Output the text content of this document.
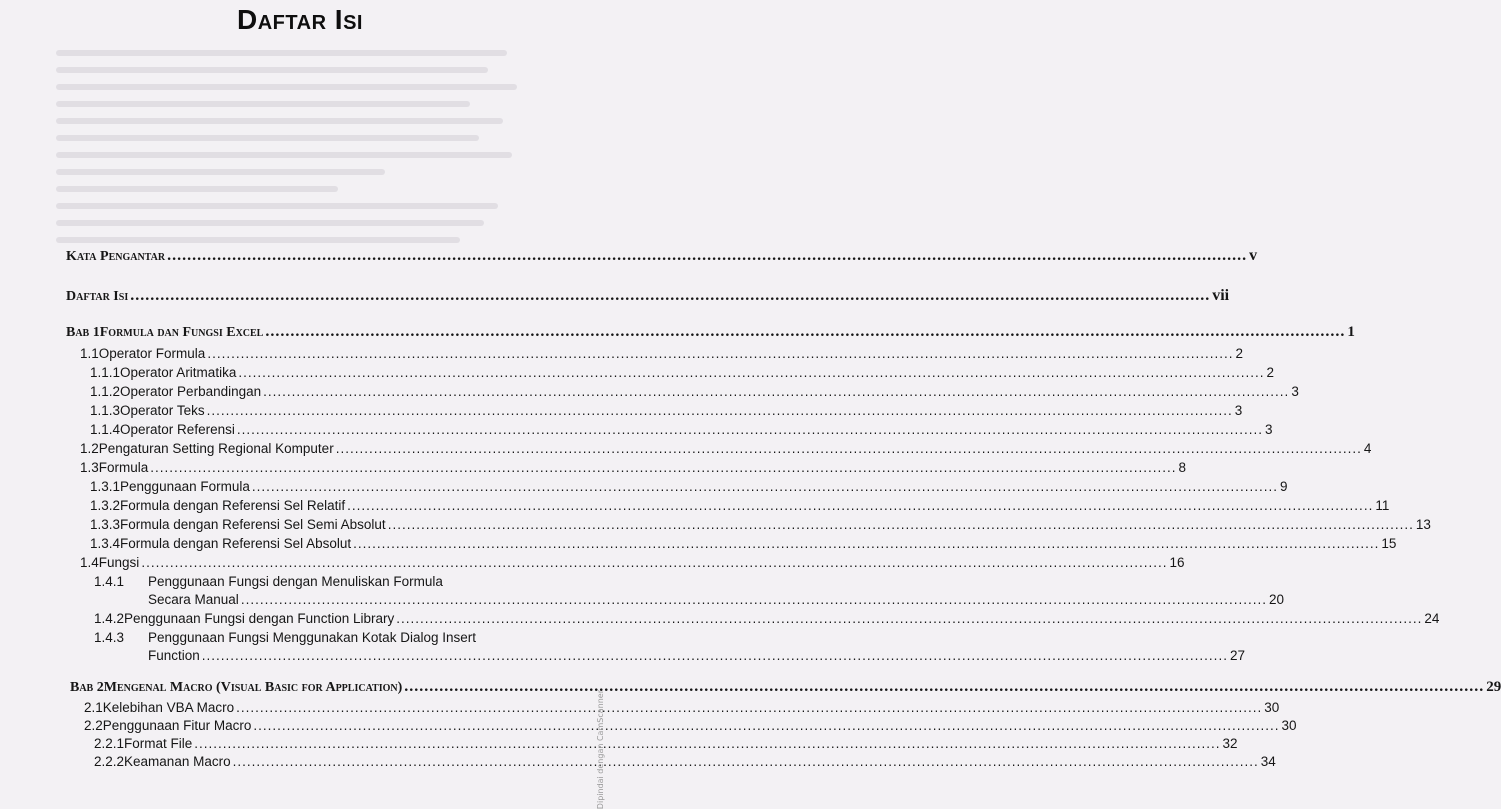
Daftar Isi
Kata Pengantar .....	v
Daftar Isi .....	vii
Bab 1 Formula dan Fungsi Excel .....	1
1.1 Operator Formula .....	2
1.1.1 Operator Aritmatika .....	2
1.1.2 Operator Perbandingan .....	3
1.1.3 Operator Teks .....	3
1.1.4 Operator Referensi .....	3
1.2 Pengaturan Setting Regional Komputer .....	4
1.3 Formula .....	8
1.3.1 Penggunaan Formula .....	9
1.3.2 Formula dengan Referensi Sel Relatif .....	11
1.3.3 Formula dengan Referensi Sel Semi Absolut .....	13
1.3.4 Formula dengan Referensi Sel Absolut .....	15
1.4 Fungsi .....	16
1.4.1 Penggunaan Fungsi dengan Menuliskan Formula
Secara Manual .....	20
1.4.2 Penggunaan Fungsi dengan Function Library .....	24
1.4.3 Penggunaan Fungsi Menggunakan Kotak Dialog Insert
Function .....	27
Bab 2 Mengenal Macro (Visual Basic for Application) .....	29
2.1 Kelebihan VBA Macro .....	30
2.2 Penggunaan Fitur Macro .....	30
2.2.1 Format File .....	32
2.2.2 Keamanan Macro .....	34
Dipindai dengan CamScanner
